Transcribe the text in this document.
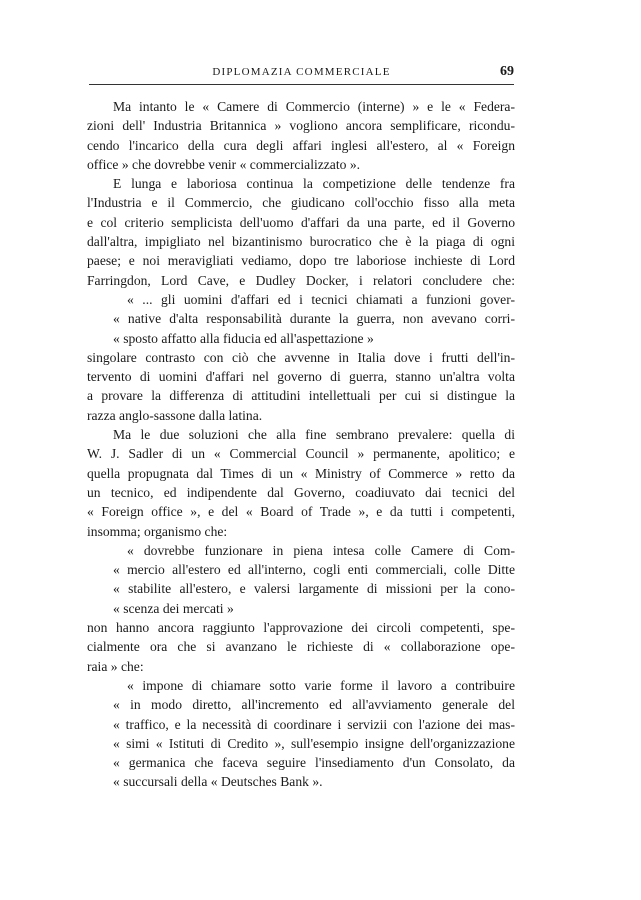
DIPLOMAZIA COMMERCIALE	69
Ma intanto le « Camere di Commercio (interne) » e le « Federa-
zioni dell' Industria Britannica » vogliono ancora semplificare, ricondu-
cendo l'incarico della cura degli affari inglesi all'estero, al « Foreign
office » che dovrebbe venir « commercializzato ».
E lunga e laboriosa continua la competizione delle tendenze fra
l'Industria e il Commercio, che giudicano coll'occhio fisso alla meta
e col criterio semplicista dell'uomo d'affari da una parte, ed il Governo
dall'altra, impigliato nel bizantinismo burocratico che è la piaga di ogni
paese; e noi meravigliati vediamo, dopo tre laboriose inchieste di Lord
Farringdon, Lord Cave, e Dudley Docker, i relatori concludere che:
« ... gli uomini d'affari ed i tecnici chiamati a funzioni gover-
« native d'alta responsabilità durante la guerra, non avevano corri-
« sposto affatto alla fiducia ed all'aspettazione »
singolare contrasto con ciò che avvenne in Italia dove i frutti dell'in-
tervento di uomini d'affari nel governo di guerra, stanno un'altra volta
a provare la differenza di attitudini intellettuali per cui si distingue la
razza anglo-sassone dalla latina.
Ma le due soluzioni che alla fine sembrano prevalere: quella di
W. J. Sadler di un « Commercial Council » permanente, apolitico; e
quella propugnata dal Times di un « Ministry of Commerce » retto da
un tecnico, ed indipendente dal Governo, coadiuvato dai tecnici del
« Foreign office », e del « Board of Trade », e da tutti i competenti,
insomma; organismo che:
« dovrebbe funzionare in piena intesa colle Camere di Com-
« mercio all'estero ed all'interno, cogli enti commerciali, colle Ditte
« stabilite all'estero, e valersi largamente di missioni per la cono-
« scenza dei mercati »
non hanno ancora raggiunto l'approvazione dei circoli competenti, spe-
cialmente ora che si avanzano le richieste di « collaborazione ope-
raia » che:
« impone di chiamare sotto varie forme il lavoro a contribuire
« in modo diretto, all'incremento ed all'avviamento generale del
« traffico, e la necessità di coordinare i servizii con l'azione dei mas-
« simi « Istituti di Credito », sull'esempio insigne dell'organizzazione
« germanica che faceva seguire l'insediamento d'un Consolato, da
« succursali della « Deutsches Bank ».
